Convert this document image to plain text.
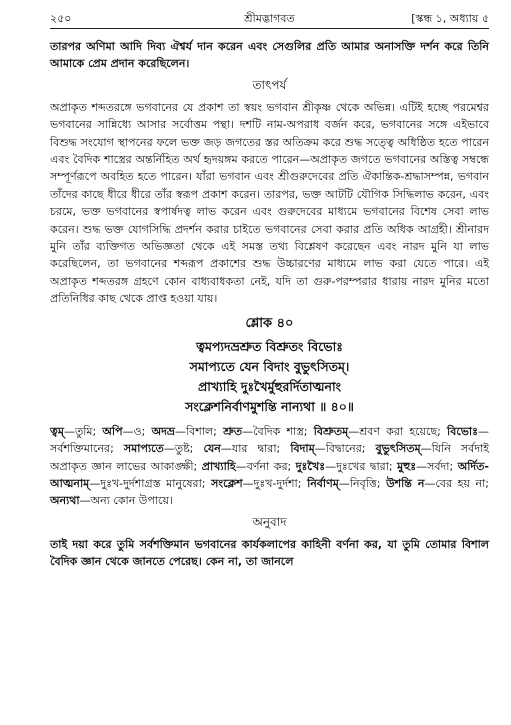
২৫০	শ্রীমদ্ভাগবত	[স্কন্ধ ১, অধ্যায় ৫

তারপর অণিমা আদি দিব্য ঐশ্বর্য দান করেন এবং সেগুলির প্রতি আমার অনাসক্তি দর্শন করে তিনি আমাকে প্রেম প্রদান করেছিলেন।

তাৎপর্য

অপ্রাকৃত শব্দতরঙ্গে ভগবানের যে প্রকাশ তা স্বয়ং ভগবান শ্রীকৃষ্ণ থেকে অভিন্ন। এটিই হচ্ছে পরমেশ্বর ভগবানের সান্নিধ্যে আসার সর্বোত্তম পন্থা। দশটি নাম-অপরাধ বর্জন করে, ভগবানের সঙ্গে এইভাবে বিশুদ্ধ সংযোগ স্থাপনের ফলে ভক্ত জড় জগতের স্তর অতিক্রম করে শুদ্ধ সত্ত্বে অধিষ্ঠিত হতে পারেন এবং বৈদিক শাস্ত্রের অন্তর্নিহিত অর্থ হৃদয়ঙ্গম করতে পারেন—অপ্রাকৃত জগতে ভগবানের অস্তিত্ব সম্বন্ধে সম্পূর্ণরূপে অবহিত হতে পারেন। যাঁরা ভগবান এবং শ্রীগুরুদেবের প্রতি ঐকান্তিক-শ্রদ্ধাসম্পন্ন, ভগবান তাঁদের কাছে ধীরে ধীরে তাঁর স্বরূপ প্রকাশ করেন। তারপর, ভক্ত আটটি যৌগিক সিদ্ধিলাভ করেন, এবং চরমে, ভক্ত ভগবানের স্বপার্ষদত্ব লাভ করেন এবং গুরুদেবের মাধ্যমে ভগবানের বিশেষ সেবা লাভ করেন। শুদ্ধ ভক্ত যোগসিদ্ধি প্রদর্শন করার চাইতে ভগবানের সেবা করার প্রতি অধিক আগ্রহী। শ্রীনারদ মুনি তাঁর ব্যক্তিগত অভিজ্ঞতা থেকে এই সমস্ত তথ্য বিশ্লেষণ করেছেন এবং নারদ মুনি যা লাভ করেছিলেন, তা ভগবানের শব্দরূপ প্রকাশের শুদ্ধ উচ্চারণের মাধ্যমে লাভ করা যেতে পারে। এই অপ্রাকৃত শব্দতরঙ্গ গ্রহণে কোন বাধ্যবাধকতা নেই, যদি তা গুরু-পরম্পরার ধারায় নারদ মুনির মতো প্রতিনিধির কাছ থেকে প্রাপ্ত হওয়া যায়।

শ্লোক ৪০

ত্বমপ্যদভ্রশ্রুত বিশ্রুতং বিভোঃ

সমাপ্যতে যেন বিদাং বুভুৎসিতম্।

প্রাখ্যাহি দুঃখৈর্মুহুরর্দিতাত্মনাং

সংক্লেশনির্বাণমুশন্তি নান্যথা ॥ ৪০॥

ত্বম্—তুমি; অপি—ও; অদভ্র—বিশাল; শ্রুত—বৈদিক শাস্ত্র; বিশ্রুতম্—শ্রবণ করা হয়েছে; বিভোঃ—সর্বশক্তিমানের; সমাপ্যতে—তুষ্ট; যেন—যার দ্বারা; বিদাম্—বিদ্বানের; বুভুৎসিতম্—যিনি সর্বদাই অপ্রাকৃত জ্ঞান লাভের আকাঙ্ক্ষী; প্রাখ্যাহি—বর্ণনা কর; দুঃখৈঃ—দুঃখের দ্বারা; মুহুঃ—সর্বদা; অর্দিত-আত্মনাম্—দুঃখ-দুর্দশাগ্রস্ত মানুষেরা; সংক্লেশ—দুঃখ-দুর্দশা; নির্বাণম্—নিবৃত্তি; উশন্তি ন—বের হয় না; অন্যথা—অন্য কোন উপায়ে।

অনুবাদ

তাই দয়া করে তুমি সর্বশক্তিমান ভগবানের কার্যকলাপের কাহিনী বর্ণনা কর, যা তুমি তোমার বিশাল বৈদিক জ্ঞান থেকে জানতে পেরেছ। কেন না, তা জানলে
